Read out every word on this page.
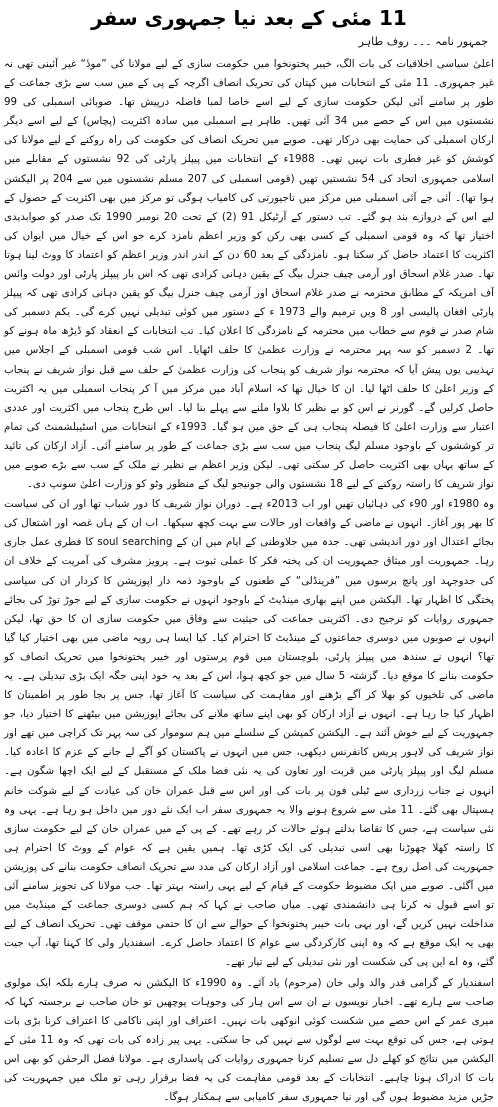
11 مئی کے بعد نیا جمہوری سفر
جمہور نامہ ۔۔۔ روف طاہر

اعلیٰ سیاسی اخلاقیات کی بات الگ، خیبر پختونخوا میں حکومت سازی کے لیے مولانا کی ”مودٔ“ غیر آئینی تھی نہ غیر جمہوری۔ 11 مئی کے انتخابات میں کپتان کی تحریک انصاف اگرچہ کے پی کے میں سب سے بڑی جماعت کے طور پر سامنے آئی لیکن حکومت سازی کے لیے اسے خاصا لمبا فاصلہ درپیش تھا۔ صوبائی اسمبلی کی 99 نشستوں میں اس کے حصے میں 34 آئی تھیں۔ طاہر ہے اسمبلی میں سادہ اکثریت (پچاس) کے لیے اسے دیگر ارکان اسمبلی کی حمایت بھی درکار تھی۔ صوبے میں تحریک انصاف کی حکومت کی راہ روکنے کے لیے مولانا کی کوشش کو غیر فطری بات نہیں تھی۔ 1988ء کے انتخابات میں پیپلز پارٹی کی 92 نشستوں کے مقابلے میں اسلامی جمہوری اتحاد کی 54 نشستیں تھیں (قومی اسمبلی کی 207 مسلم نشستوں میں سے 204 پر الیکشن ہوا تھا)۔ آئی جے آئی اسمبلی میں مرکز میں تاجیورتی کی کامیاب ہوگی تو مرکز میں بھی اکثریت کے حصول کے لیے اس کے دروازے بند ہو گئے۔ تب دستور کے آرٹیکل 91 (2) کے تحت 20 نومبر 1990 تک صدر کو صوابدیدی اختیار تھا کہ وہ قومی اسمبلی کے کسی بھی رکن کو وزیر اعظم نامزد کرے جو اس کے خیال میں ایوان کی اکثریت کا اعتماد حاصل کر سکتا ہو۔ نامزدگی کے بعد 60 دن کے اندر اندر وزیر اعظم کو اعتماد کا ووٹ لینا ہوتا تھا۔ صدر غلام اسحاق اور آرمی چیف جنرل بیگ کے یقین دہانی کرادی تھی کہ اس بار پیپلز پارٹی اور دولت وائس آف امریکہ کے مطابق محترمہ نے صدر غلام اسحاق اور آرمی چیف جنرل بیگ کو یقین دہانی کرادی تھی کہ پیپلز پارٹی افغان پالیسی اور 8 ویں ترمیم والے 1973 ء کے دستور میں کوئی تبدیلی نہیں کرے گی۔ یکم دسمبر کی شام صدر نے قوم سے خطاب میں محترمہ کے نامزدگی کا اعلان کیا۔ تب انتخابات کے انعقاد کو ڈیڑھ ماہ ہونے کو تھا۔ 2 دسمبر کو سہ پہر محترمہ نے وزارت عظمیٰ کا حلف اٹھایا۔ اس شب قومی اسمبلی کے اجلاس میں تہذیبی یوں پیش آیا کہ محترمہ نواز شریف کو پنجاب کی وزارت عظمیٰ کے حلف سے قبل نواز شریف نے پنجاب کے وزیر اعلیٰ کا حلف اٹھا لیا۔ ان کا خیال تھا کہ اسلام آباد میں مرکز میں آ کر پنجاب اسمبلی میں یہ اکثریت حاصل کرلیں گے۔ گورنر نے اس کو بے نظیر کا بلاوا ملنے سے پہلے بنا لیا۔ اس طرح پنجاب میں اکثریت اور عددی اعتبار سے وزارت اعلیٰ کا فیصلہ پنجاب ہی کے حق میں ہو گیا۔ 1993ء کے انتخابات میں اسٹیبلشمنٹ کی تمام تر کوششوں کے باوجود مسلم لیگ پنجاب میں سب سے بڑی جماعت کے طور پر سامنے آئی۔ آزاد ارکان کی تائید کے ساتھ یہاں بھی اکثریت حاصل کر سکتی تھی۔ لیکن وزیر اعظم بے نظیر نے ملک کے سب سے بڑے صوبے میں نواز شریف کا راستہ روکنے کے لیے 18 نشستوں والی جونیجو لیگ کے منظور وٹو کو وزارت اعلیٰ سونپ دی۔

وہ 1980ء اور 90ء کی دہائیاں تھیں اور اب 2013ء ہے۔ دوران نواز شریف کا دور شباب تھا اور ان کی سیاست کا بھر پور آغاز۔ انہوں نے ماضی کے واقعات اور حالات سے بہت کچھ سیکھا۔ اب ان کے ہاں غصہ اور اشتعال کی بجائے اعتدال اور دور اندیشی تھی۔ جدہ میں جلاوطنی کے ایام میں ان کے soul searching کا فطری عمل جاری رہا۔ جمہوریت اور میثاق جمہوریت ان کی پختہ فکر کا عملی ثبوت ہے۔ پرویز مشرف کی آمریت کے خلاف ان کی جدوجہد اور پانچ برسوں میں ”فرینڈلی“ کے طعنوں کے باوجود ذمہ دار اپوزیشن کا کردار ان کی سیاسی پختگی کا اظہار تھا۔ الیکشن میں اپنے بھاری مینڈیٹ کے باوجود انہوں نے حکومت سازی کے لیے جوڑ توڑ کی بجائے جمہوری روایات کو ترجیح دی۔ اکثریتی جماعت کی حیثیت سے وفاق میں حکومت سازی ان کا حق تھا، لیکن انہوں نے صوبوں میں دوسری جماعتوں کے مینڈیٹ کا احترام کیا۔ کیا ایسا ہی رویہ ماضی میں بھی اختیار کیا گیا تھا؟ انہوں نے سندھ میں پیپلز پارٹی، بلوچستان میں قوم پرستوں اور خیبر پختونخوا میں تحریک انصاف کو حکومت بنانے کا موقع دیا۔ گزشتہ 5 سال میں جو کچھ ہوا، اس کے بعد یہ خود اپنی جگہ ایک بڑی تبدیلی ہے۔ یہ ماضی کی تلخیوں کو بھلا کر آگے بڑھنے اور مفاہمت کی سیاست کا آغاز تھا، جس پر بجا طور پر اطمینان کا اظہار کیا جا رہا ہے۔ انہوں نے آزاد ارکان کو بھی اپنے ساتھ ملانے کی بجائے اپوزیشن میں بیٹھنے کا اختیار دیا، جو جمہوریت کے لیے خوش آئند ہے۔ الیکشن کمیشن کے سلسلے میں ہم سوموار کی سہ پہر تک کراچی میں تھے اور نواز شریف کی لاہور پریس کانفرنس دیکھی، جس میں انہوں نے پاکستان کو آگے لے جانے کے عزم کا اعادہ کیا۔ مسلم لیگ اور پیپلز پارٹی میں قربت اور تعاون کی یہ نئی فضا ملک کے مستقبل کے لیے ایک اچھا شگون ہے۔ انہوں نے جناب زرداری سے ٹیلی فون پر بات کی اور اس سے قبل عمران خان کی عیادت کے لیے شوکت خانم ہسپتال بھی گئے۔ 11 مئی سے شروع ہونے والا یہ جمہوری سفر اب ایک نئے دور میں داخل ہو رہا ہے۔ یہی وہ نئی سیاست ہے، جس کا تقاضا بدلتے ہوئے حالات کر رہے تھے۔ کے پی کے میں عمران خان کے لیے حکومت سازی کا راستہ کھلا چھوڑنا بھی اسی تبدیلی کی ایک کڑی تھا۔ ہمیں یقین ہے کہ عوام کے ووٹ کا احترام ہی جمہوریت کی اصل روح ہے۔ جماعت اسلامی اور آزاد ارکان کی مدد سے تحریک انصاف حکومت بنانے کی پوزیشن میں آگئی۔ صوبے میں ایک مضبوط حکومت کے قیام کے لیے یہی راستہ بہتر تھا۔ جب مولانا کی تجویز سامنے آئی تو اسے قبول نہ کرنا ہی دانشمندی تھی۔ میاں صاحب نے کہا کہ ہم کسی دوسری جماعت کے مینڈیٹ میں مداخلت نہیں کریں گے، اور یہی بات خیبر پختونخوا کے حوالے سے ان کا حتمی موقف تھی۔ تحریک انصاف کے لیے بھی یہ ایک موقع ہے کہ وہ اپنی کارکردگی سے عوام کا اعتماد حاصل کرے۔ اسفندیار ولی کا کہنا تھا، آپ جیت گئے، وہ اے این پی کی شکست اور نئی تبدیلی کے لیے تیار تھے۔

اسفندیار کے گرامی قدر والد ولی خان (مرحوم) یاد آئے۔ وہ 1990ء کا الیکشن نہ صرف ہارے بلکہ ایک مولوی صاحب سے ہارے تھے۔ اخبار نویسوں نے ان سے اس ہار کی وجوہات پوچھیں تو خان صاحب نے برجستہ کہا کہ میری عمر کے اس حصے میں شکست کوئی انوکھی بات نہیں۔ اعتراف اور اپنی ناکامی کا اعتراف کرنا بڑی بات ہوتی ہے، جس کی توقع بہت سے لوگوں سے نہیں کی جا سکتی۔ یہی پیر زادہ کی بات تھی کہ وہ 11 مئی کے الیکشن میں نتائج کو کھلے دل سے تسلیم کرنا جمہوری روایات کی پاسداری ہے۔ مولانا فضل الرحمٰن کو بھی اس بات کا ادراک ہونا چاہیے۔ انتخابات کے بعد قومی مفاہمت کی یہ فضا برقرار رہی تو ملک میں جمہوریت کی جڑیں مزید مضبوط ہوں گی اور نیا جمہوری سفر کامیابی سے ہمکنار ہوگا۔
